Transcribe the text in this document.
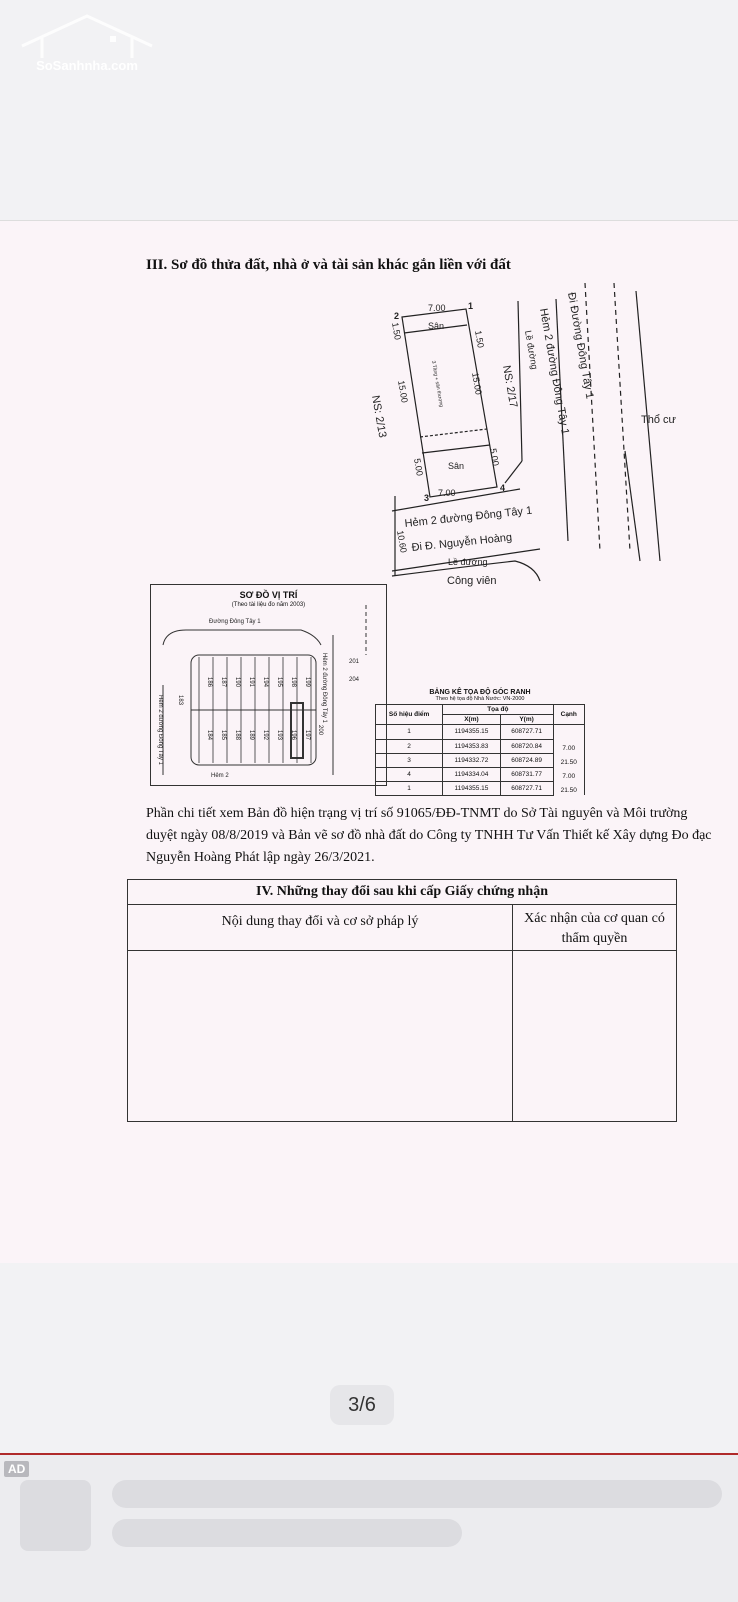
SoSanhnha.com
III. Sơ đồ thửa đất, nhà ở và tài sản khác gắn liền với đất
7.00
7.00
1.50
1.50
15.00	15.00
5.00
5.00
10.60
Sân
Sân
3 Tầng + sân thượng
1
2
3
4
NS: 2/13
NS: 2/17
Lề đường
Hẻm 2 đường Đông Tây 1
Đi Đường Đông Tây 1
Thổ cư
Hẻm 2 đường Đông Tây 1
Đi Đ. Nguyễn Hoàng
Lề đường
Công viên
SƠ ĐỒ VỊ TRÍ
(Theo tài liệu đo năm 2003)
Đường Đông Tây 1
Hẻm 2 đường Đông Tây 1
Hẻm 2 đường Đông Tây 1
Hẻm 2
183
200
201
204
186 187 190 191 194 195 198 199
184 185 188 189 192 193 196 197
BẢNG KÊ TỌA ĐỘ GÓC RANH
Theo hệ tọa độ Nhà Nước: VN-2000
Số hiệu điểm	Tọa độ		Cạnh
	X(m)	Y(m)	
1	1194355.15	608727.71	
2	1194353.83	608720.84	7.00
3	1194332.72	608724.89	21.50
4	1194334.04	608731.77	7.00
1	1194355.15	608727.71	21.50
Phần chi tiết xem Bản đồ hiện trạng vị trí số 91065/ĐĐ-TNMT do Sở Tài nguyên và Môi trường duyệt ngày 08/8/2019 và Bản vẽ sơ đồ nhà đất do Công ty TNHH Tư Vấn Thiết kế Xây dựng Đo đạc Nguyễn Hoàng Phát lập ngày 26/3/2021.
IV. Những thay đổi sau khi cấp Giấy chứng nhận
Nội dung thay đổi và cơ sở pháp lý	Xác nhận của cơ quan có thẩm quyền
3/6
AD
